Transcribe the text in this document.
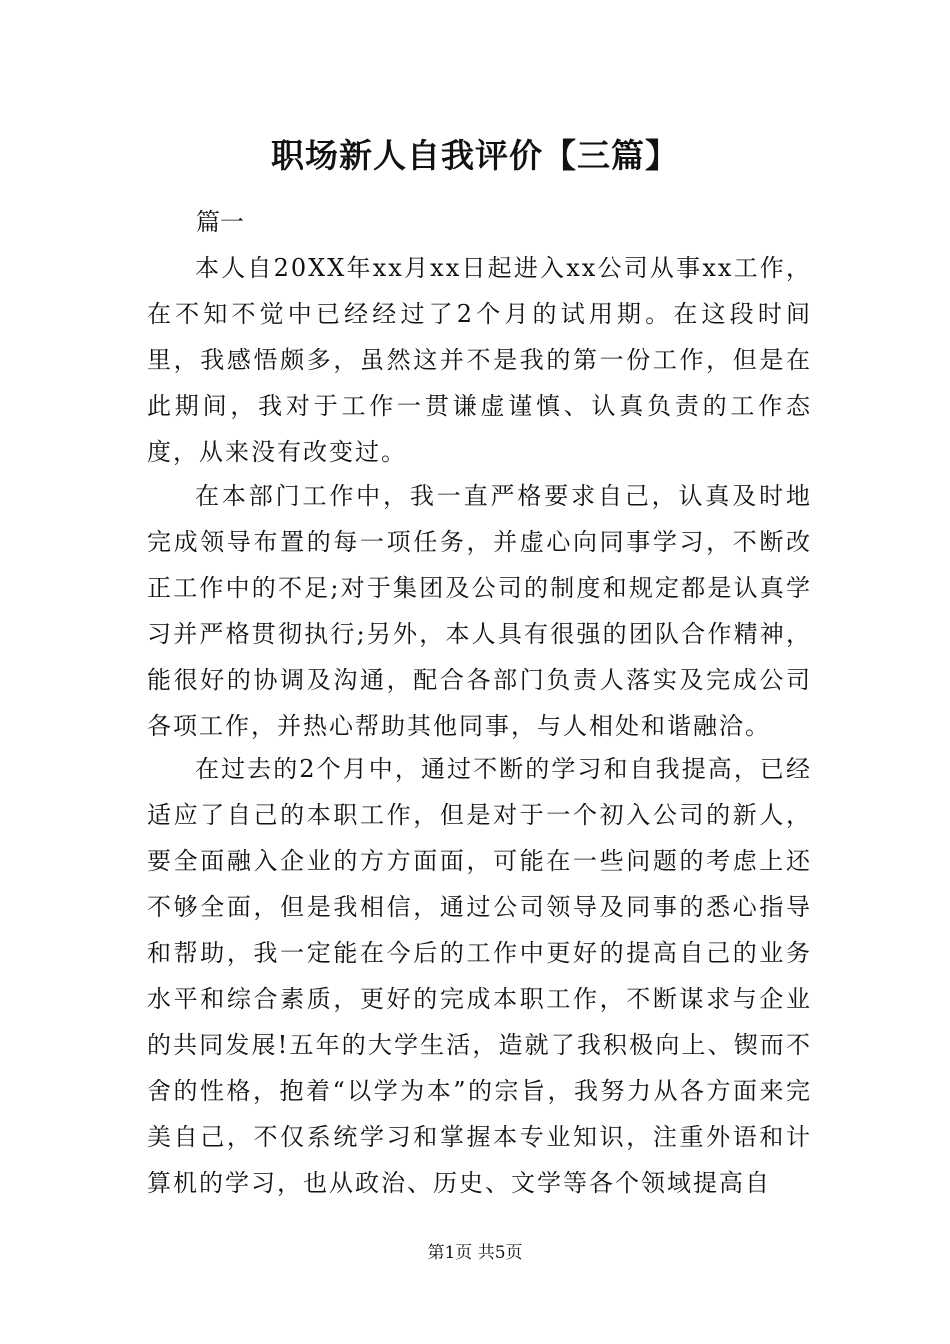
职场新人自我评价【三篇】
篇一

本人自20XX年xx月xx日起进入xx公司从事xx工作，在不知不觉中已经经过了2个月的试用期。在这段时间里，我感悟颇多，虽然这并不是我的第一份工作，但是在此期间，我对于工作一贯谦虚谨慎、认真负责的工作态度，从来没有改变过。

在本部门工作中，我一直严格要求自己，认真及时地完成领导布置的每一项任务，并虚心向同事学习，不断改正工作中的不足;对于集团及公司的制度和规定都是认真学习并严格贯彻执行;另外，本人具有很强的团队合作精神，能很好的协调及沟通，配合各部门负责人落实及完成公司各项工作，并热心帮助其他同事，与人相处和谐融洽。

在过去的2个月中，通过不断的学习和自我提高，已经适应了自己的本职工作，但是对于一个初入公司的新人，要全面融入企业的方方面面，可能在一些问题的考虑上还不够全面，但是我相信，通过公司领导及同事的悉心指导和帮助，我一定能在今后的工作中更好的提高自己的业务水平和综合素质，更好的完成本职工作，不断谋求与企业的共同发展!五年的大学生活，造就了我积极向上、锲而不舍的性格，抱着“以学为本”的宗旨，我努力从各方面来完美自己，不仅系统学习和掌握本专业知识，注重外语和计算机的学习，也从政治、历史、文学等各个领域提高自

第1页 共5页
